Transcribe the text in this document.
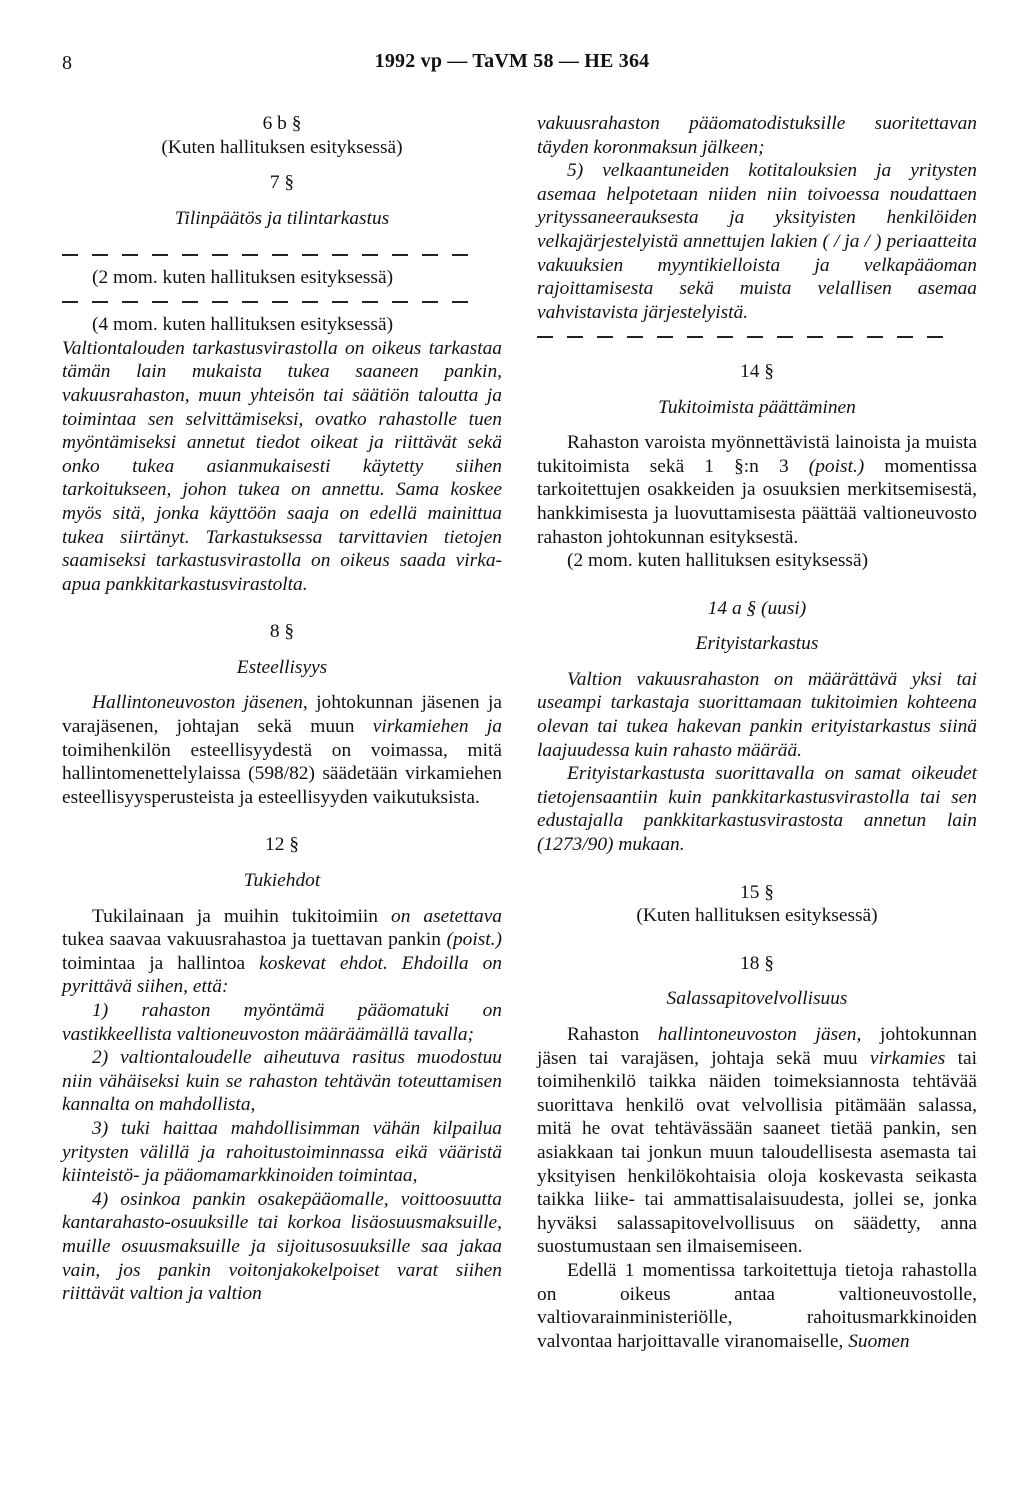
8	1992 vp — TaVM 58 — HE 364

6 b §

(Kuten hallituksen esityksessä)

7 §

Tilinpäätös ja tilintarkastus

(2 mom. kuten hallituksen esityksessä)

(4 mom. kuten hallituksen esityksessä)

Valtiontalouden tarkastusvirastolla on oikeus tarkastaa tämän lain mukaista tukea saaneen pankin, vakuusrahaston, muun yhteisön tai säätiön taloutta ja toimintaa sen selvittämiseksi, ovatko rahastolle tuen myöntämiseksi annetut tiedot oikeat ja riittävät sekä onko tukea asianmukaisesti käytetty siihen tarkoitukseen, johon tukea on annettu. Sama koskee myös sitä, jonka käyttöön saaja on edellä mainittua tukea siirtänyt. Tarkastuksessa tarvittavien tietojen saamiseksi tarkastusvirastolla on oikeus saada virka-apua pankkitarkastusvirastolta.

8 §

Esteellisyys

Hallintoneuvoston jäsenen, johtokunnan jäsenen ja varajäsenen, johtajan sekä muun virkamiehen ja toimihenkilön esteellisyydestä on voimassa, mitä hallintomenettelylaissa (598/82) säädetään virkamiehen esteellisyysperusteista ja esteellisyyden vaikutuksista.

12 §

Tukiehdot

Tukilainaan ja muihin tukitoimiin on asetettava tukea saavaa vakuusrahastoa ja tuettavan pankin (poist.) toimintaa ja hallintoa koskevat ehdot. Ehdoilla on pyrittävä siihen, että:

1) rahaston myöntämä pääomatuki on vastikkeellista valtioneuvoston määräämällä tavalla;

2) valtiontaloudelle aiheutuva rasitus muodostuu niin vähäiseksi kuin se rahaston tehtävän toteuttamisen kannalta on mahdollista,

3) tuki haittaa mahdollisimman vähän kilpailua yritysten välillä ja rahoitustoiminnassa eikä vääristä kiinteistö- ja pääomamarkkinoiden toimintaa,

4) osinkoa pankin osakepääomalle, voittoosuutta kantarahasto-osuuksille tai korkoa lisäosuusmaksuille, muille osuusmaksuille ja sijoitusosuuksille saa jakaa vain, jos pankin voitonjakokelpoiset varat siihen riittävät valtion ja valtion

vakuusrahaston pääomatodistuksille suoritettavan täyden koronmaksun jälkeen;

5) velkaantuneiden kotitalouksien ja yritysten asemaa helpotetaan niiden niin toivoessa noudattaen yrityssaneerauksesta ja yksityisten henkilöiden velkajärjestelyistä annettujen lakien ( / ja / ) periaatteita vakuuksien myyntikielloista ja velkapääoman rajoittamisesta sekä muista velallisen asemaa vahvistavista järjestelyistä.

14 §

Tukitoimista päättäminen

Rahaston varoista myönnettävistä lainoista ja muista tukitoimista sekä 1 §:n 3 (poist.) momentissa tarkoitettujen osakkeiden ja osuuksien merkitsemisestä, hankkimisesta ja luovuttamisesta päättää valtioneuvosto rahaston johtokunnan esityksestä.

(2 mom. kuten hallituksen esityksessä)

14 a § (uusi)

Erityistarkastus

Valtion vakuusrahaston on määrättävä yksi tai useampi tarkastaja suorittamaan tukitoimien kohteena olevan tai tukea hakevan pankin erityistarkastus siinä laajuudessa kuin rahasto määrää.

Erityistarkastusta suorittavalla on samat oikeudet tietojensaantiin kuin pankkitarkastusvirastolla tai sen edustajalla pankkitarkastusvirastosta annetun lain (1273/90) mukaan.

15 §

(Kuten hallituksen esityksessä)

18 §

Salassapitovelvollisuus

Rahaston hallintoneuvoston jäsen, johtokunnan jäsen tai varajäsen, johtaja sekä muu virkamies tai toimihenkilö taikka näiden toimeksiannosta tehtävää suorittava henkilö ovat velvollisia pitämään salassa, mitä he ovat tehtävässään saaneet tietää pankin, sen asiakkaan tai jonkun muun taloudellisesta asemasta tai yksityisen henkilökohtaisia oloja koskevasta seikasta taikka liike- tai ammattisalaisuudesta, jollei se, jonka hyväksi salassapitovelvollisuus on säädetty, anna suostumustaan sen ilmaisemiseen.

Edellä 1 momentissa tarkoitettuja tietoja rahastolla on oikeus antaa valtioneuvostolle, valtiovarainministeriölle, rahoitusmarkkinoiden valvontaa harjoittavalle viranomaiselle, Suomen
